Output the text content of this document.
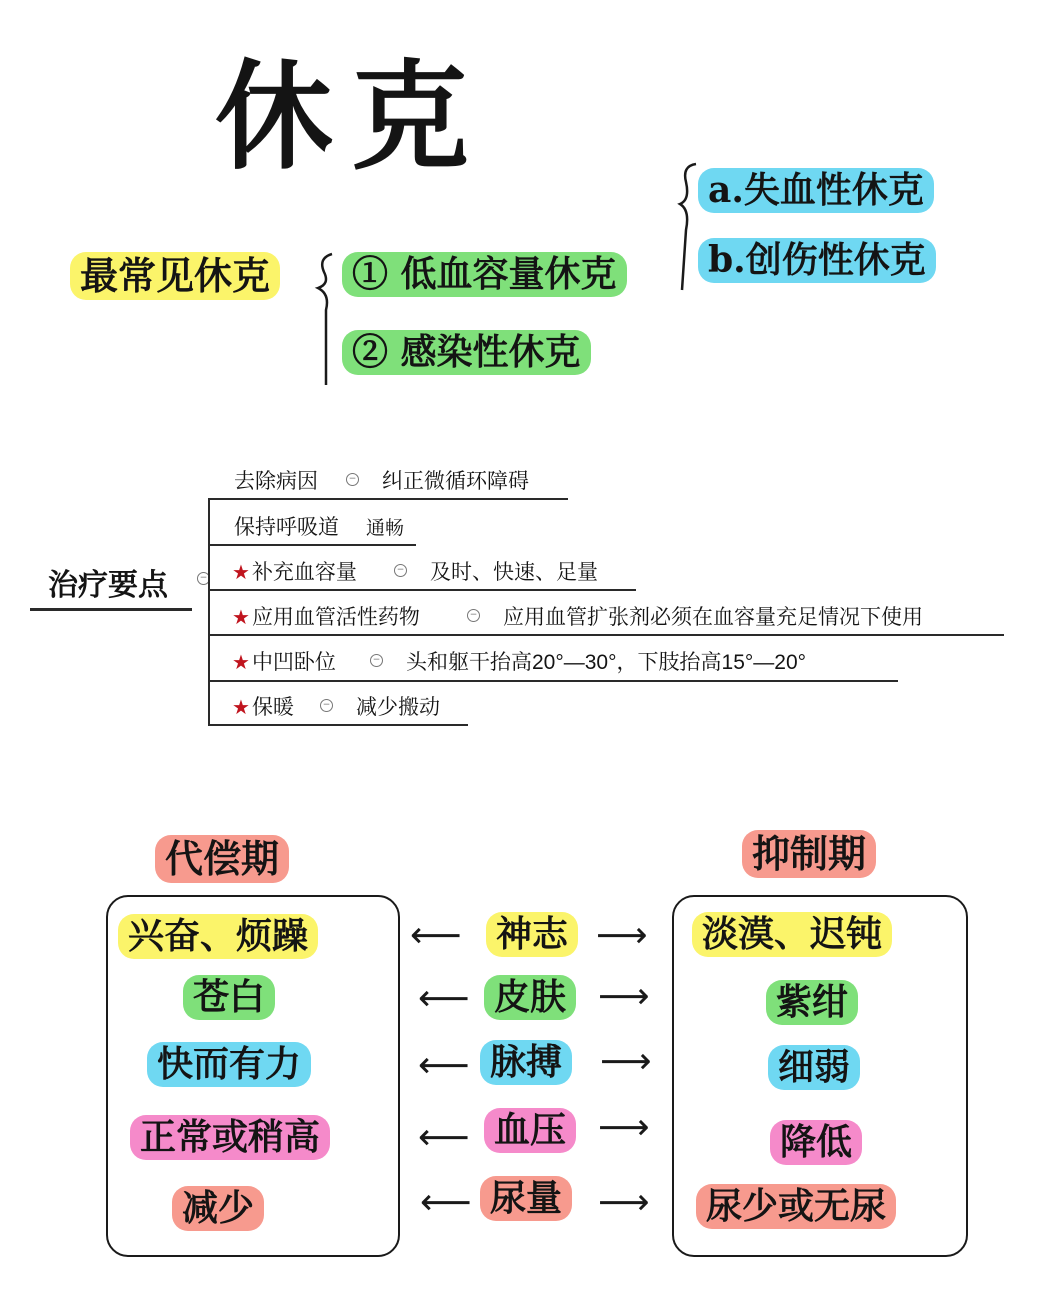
休克
最常见休克 ① 低血容量休克
② 感染性休克
a.失血性休克
b.创伤性休克
治疗要点	−
去除病因	− 纠正微循环障碍
保持呼吸道 通畅
★补充血容量	− 及时、快速、足量
★应用血管活性药物	− 应用血管扩张剂必须在血容量充足情况下使用
★中凹卧位	− 头和躯干抬高20°—30°，下肢抬高15°—20°
★保暖	− 减少搬动
代偿期	抑制期
兴奋、烦躁	⟵ 神志 ⟶ 淡漠、迟钝
苍白	⟵ 皮肤 ⟶	紫绀
快而有力	⟵ 脉搏 ⟶	细弱
正常或稍高	⟵ 血压 ⟶	降低
减少	⟵ 尿量 ⟶ 尿少或无尿
